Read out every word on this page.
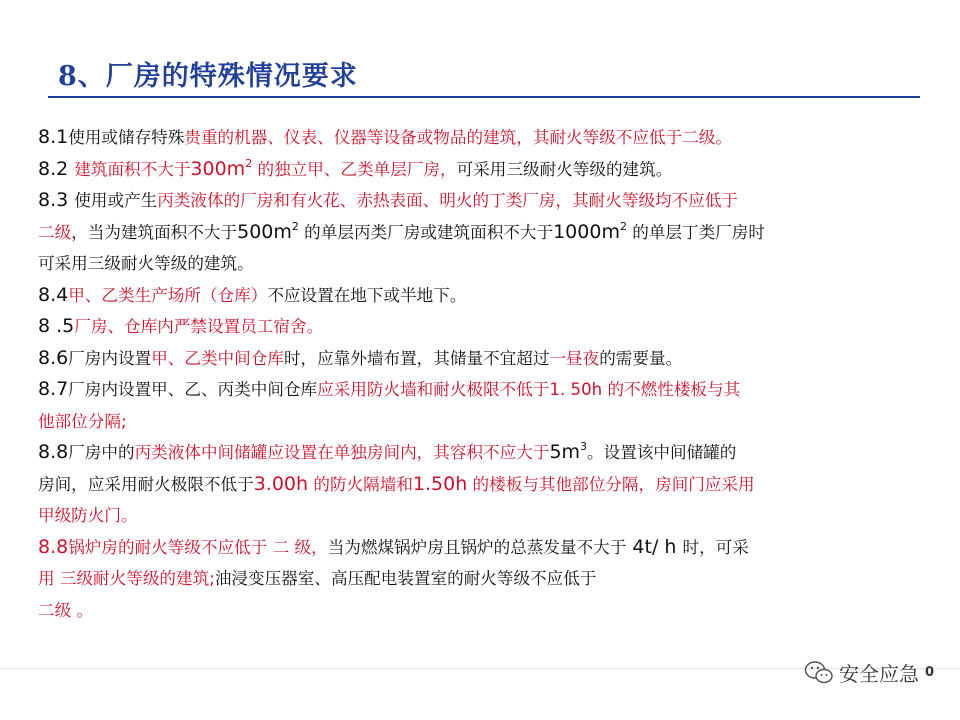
8、厂房的特殊情况要求
8.1使用或储存特殊贵重的机器、仪表、仪器等设备或物品的建筑，其耐火等级不应低于二级。
8.2 建筑面积不大于$300m^2$ 的独立甲、乙类单层厂房，可采用三级耐火等级的建筑。
8.3 使用或产生丙类液体的厂房和有火花、赤热表面、明火的丁类厂房，其耐火等级均不应低于
二级，当为建筑面积不大于$500m^2$ 的单层丙类厂房或建筑面积不大于$1000m^2$ 的单层丁类厂房时
可采用三级耐火等级的建筑。
8.4甲、乙类生产场所（仓库）不应设置在地下或半地下。
8 .5厂房、仓库内严禁设置员工宿舍。
8.6厂房内设置甲、乙类中间仓库时，应靠外墙布置，其储量不宜超过一昼夜的需要量。
8.7厂房内设置甲、乙、丙类中间仓库应采用防火墙和耐火极限不低于1. 50h 的不燃性楼板与其
他部位分隔;
8.8厂房中的丙类液体中间储罐应设置在单独房间内，其容积不应大于$5m^3$。设置该中间储罐的
房间，应采用耐火极限不低于3.00h 的防火隔墙和1.50h 的楼板与其他部位分隔，房间门应采用
甲级防火门。
8.8锅炉房的耐火等级不应低于 二 级，当为燃煤锅炉房且锅炉的总蒸发量不大于 4t/ h 时，可采
用 三级耐火等级的建筑;油浸变压器室、高压配电装置室的耐火等级不应低于
二级 。
安全应急 0
